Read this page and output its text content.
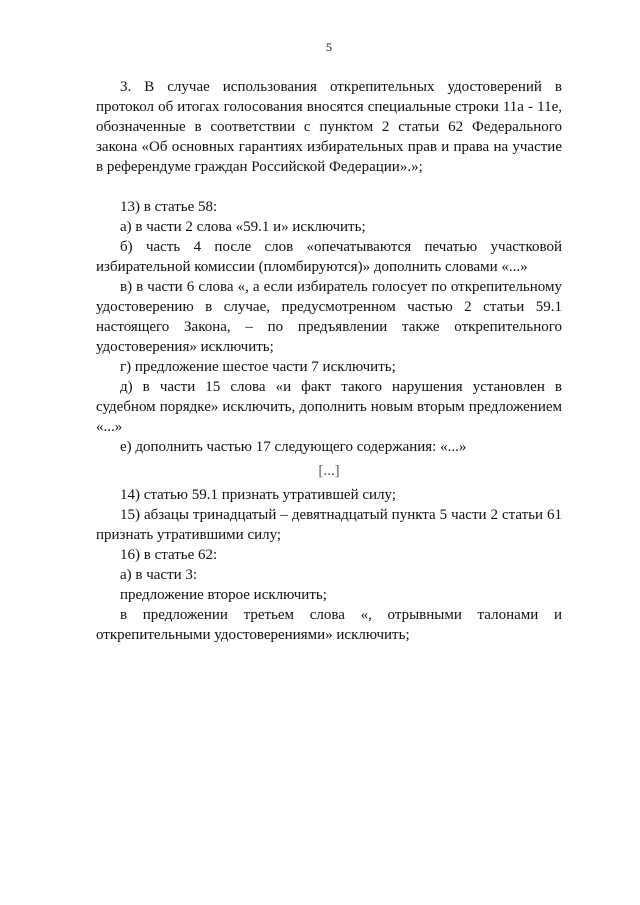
5

3. В случае использования открепительных удостоверений в протокол об итогах голосования вносятся специальные строки 11а - 11е, обозначенные в соответствии с пунктом 2 статьи 62 Федерального закона «Об основных гарантиях избирательных прав и права на участие в референдуме граждан Российской Федерации».»;

13) в статье 58:

а) в части 2 слова «59.1 и» исключить;

б) часть 4 после слов «опечатываются печатью участковой избирательной комиссии (пломбируются)» дополнить словами «...»

в) в части 6 слова «, а если избиратель голосует по открепительному удостоверению в случае, предусмотренном частью 2 статьи 59.1 настоящего Закона, – по предъявлении также открепительного удостоверения» исключить;

г) предложение шестое части 7 исключить;

д) в части 15 слова «и факт такого нарушения установлен в судебном порядке» исключить, дополнить новым вторым предложением «...»

е) дополнить частью 17 следующего содержания: «...»

[...]

14) статью 59.1 признать утратившей силу;

15) абзацы тринадцатый – девятнадцатый пункта 5 части 2 статьи 61 признать утратившими силу;

16) в статье 62:

а) в части 3:

предложение второе исключить;

в предложении третьем слова «, отрывными талонами и открепительными удостоверениями» исключить;
